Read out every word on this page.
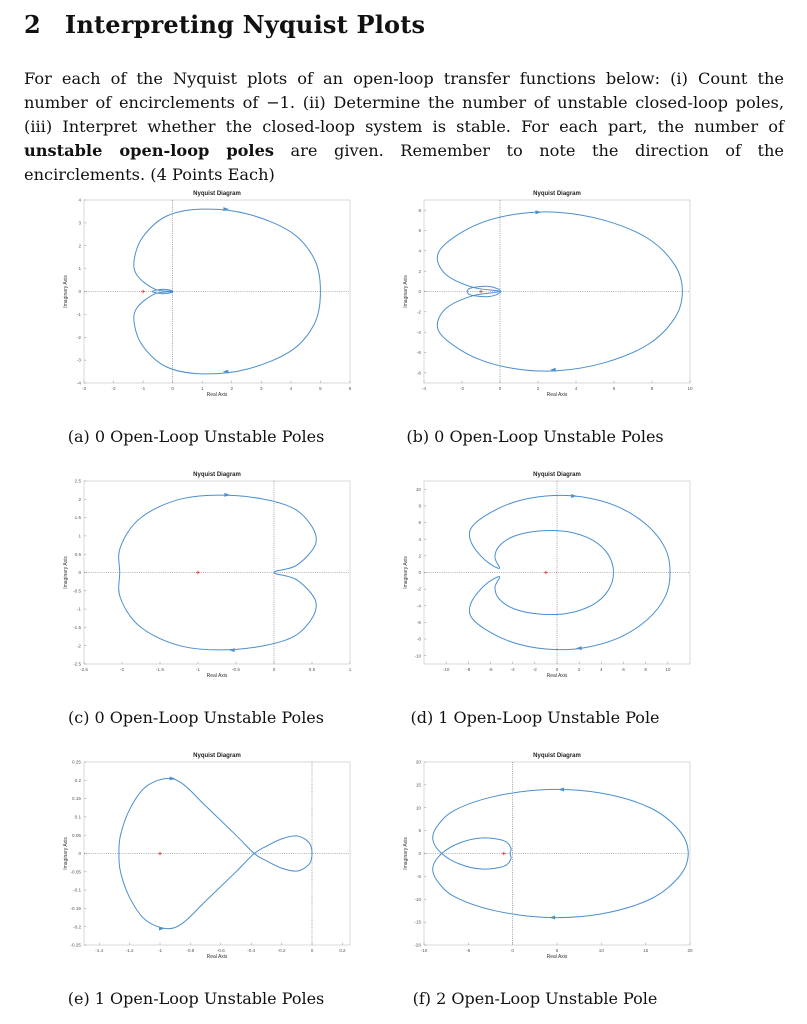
2 Interpreting Nyquist Plots
For each of the Nyquist plots of an open-loop transfer functions below: (i) Count the number of encirclements of −1. (ii) Determine the number of unstable closed-loop poles, (iii) Interpret whether the closed-loop system is stable. For each part, the number of unstable open-loop poles are given. Remember to note the direction of the encirclements. (4 Points Each)
Nyquist Diagram
-3	-2	-1	0	1	2	3	4	5	6
-4
-3
-2
-1
0
1
2
3
4
Real Axis
Imaginary Axis
Nyquist Diagram
-4	-2	0	2	4	6	8	10
-8
-6
-4
-2
0
2
4
6
8
Real Axis
Imaginary Axis
Nyquist Diagram
-2.5	-2	-1.5	-1	-0.5	0	0.5	1
-2.5
-2
-1.5
-1
-0.5
0
0.5
1
1.5
2
2.5
Real Axis
Imaginary Axis
Nyquist Diagram
-10	-8	-6	-4	-2	0	2	4	6	8	10
-10
-8
-6
-4
-2
0
2
4
6
8
10
Real Axis
Imaginary Axis
Nyquist Diagram
-1.4	-1.2	-1	-0.8	-0.6	-0.4	-0.2	0	0.2
-0.25
-0.2
-0.15
-0.1
-0.05
0
0.05
0.1
0.15
0.2
0.25
Real Axis
Imaginary Axis
Nyquist Diagram
-10	-5	0	5	10	15	20
-20
-15
-10
-5
0
5
10
15
20
Real Axis
Imaginary Axis
(a) 0 Open-Loop Unstable Poles	(b) 0 Open-Loop Unstable Poles
(c) 0 Open-Loop Unstable Poles	(d) 1 Open-Loop Unstable Pole
(e) 1 Open-Loop Unstable Poles	(f) 2 Open-Loop Unstable Pole
